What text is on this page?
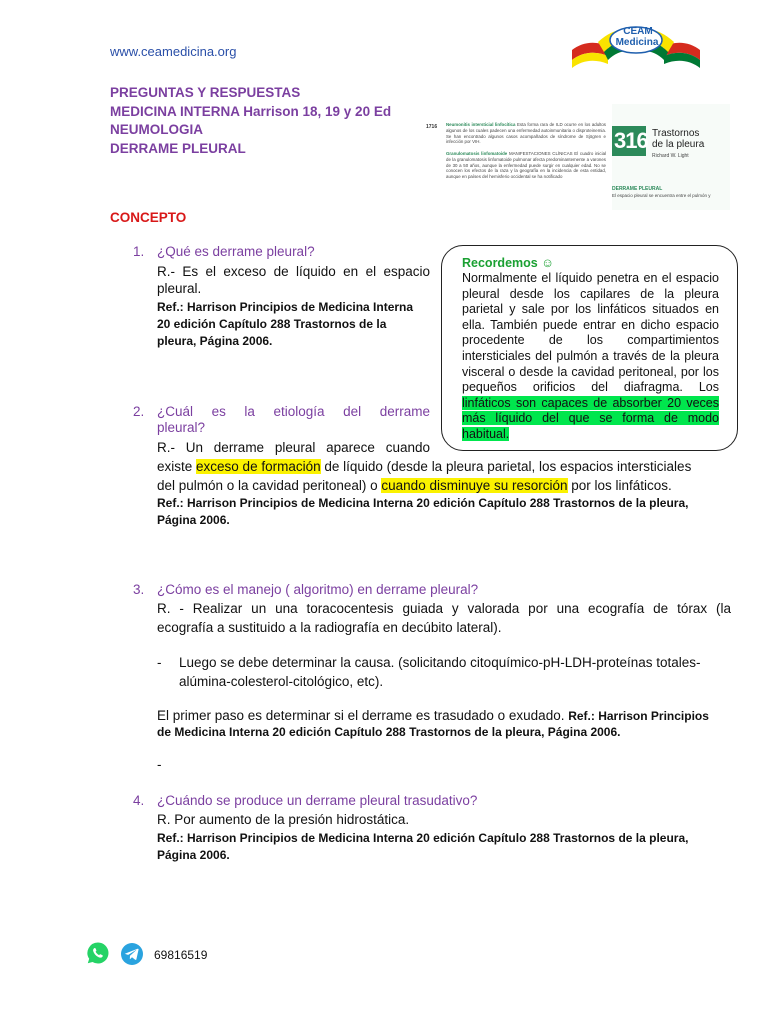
www.ceamedicina.org
CEAM
Medicina
PREGUNTAS Y RESPUESTAS
MEDICINA INTERNA Harrison 18, 19 y 20 Ed
NEUMOLOGIA
DERRAME PLEURAL
1716 Neumonitis intersticial linfocítica Esta forma rara de ILD ocurre en los adultos algunos de los cuales padecen una enfermedad autoinmunitaria o disproteinemia. Se han encontrado algunos casos acompañados de síndrome de Sjögren e infección por VIH.

Granulomatosis linfomatoide MANIFESTACIONES CLÍNICAS El cuadro inicial de la granulomatosis linfomatoide pulmonar afecta predominantemente a varones de 30 a 50 años, aunque la enfermedad puede surgir en cualquier edad. No se conocen los efectos de la raza y la geografía en la incidencia de esta entidad, aunque en países del hemisferio occidental se ha notificado
316 Trastornos
de la pleura
Richard W. Light
DERRAME PLEURAL
El espacio pleural se encuentra entre el pulmón y
CONCEPTO
Recordemos ☺
Normalmente el líquido penetra en el espacio pleural desde los capilares de la pleura parietal y sale por los linfáticos situados en ella. También puede entrar en dicho espacio procedente de los compartimientos intersticiales del pulmón a través de la pleura visceral o desde la cavidad peritoneal, por los pequeños orificios del diafragma. Los linfáticos son capaces de absorber 20 veces más líquido del que se forma de modo habitual.
1. ¿Qué es derrame pleural?
R.- Es el exceso de líquido en el espacio
pleural.
Ref.: Harrison Principios de Medicina Interna
20 edición Capítulo 288 Trastornos de la
pleura, Página 2006.
2. ¿Cuál es la etiología del derrame
pleural?
R.- Un derrame pleural aparece cuando
existe exceso de formación de líquido (desde la pleura parietal, los espacios intersticiales
del pulmón o la cavidad peritoneal) o cuando disminuye su resorción por los linfáticos.
Ref.: Harrison Principios de Medicina Interna 20 edición Capítulo 288 Trastornos de la pleura,
Página 2006.
3. ¿Cómo es el manejo ( algoritmo) en derrame pleural?
R. - Realizar un una toracocentesis guiada y valorada por una ecografía de tórax (la
ecografía a sustituido a la radiografía en decúbito lateral).
- Luego se debe determinar la causa. (solicitando citoquímico-pH-LDH-proteínas totales-
alúmina-colesterol-citológico, etc).
El primer paso es determinar si el derrame es trasudado o exudado. Ref.: Harrison Principios
de Medicina Interna 20 edición Capítulo 288 Trastornos de la pleura, Página 2006.
-
4. ¿Cuándo se produce un derrame pleural trasudativo?
R. Por aumento de la presión hidrostática.
Ref.: Harrison Principios de Medicina Interna 20 edición Capítulo 288 Trastornos de la pleura,
Página 2006.
69816519
